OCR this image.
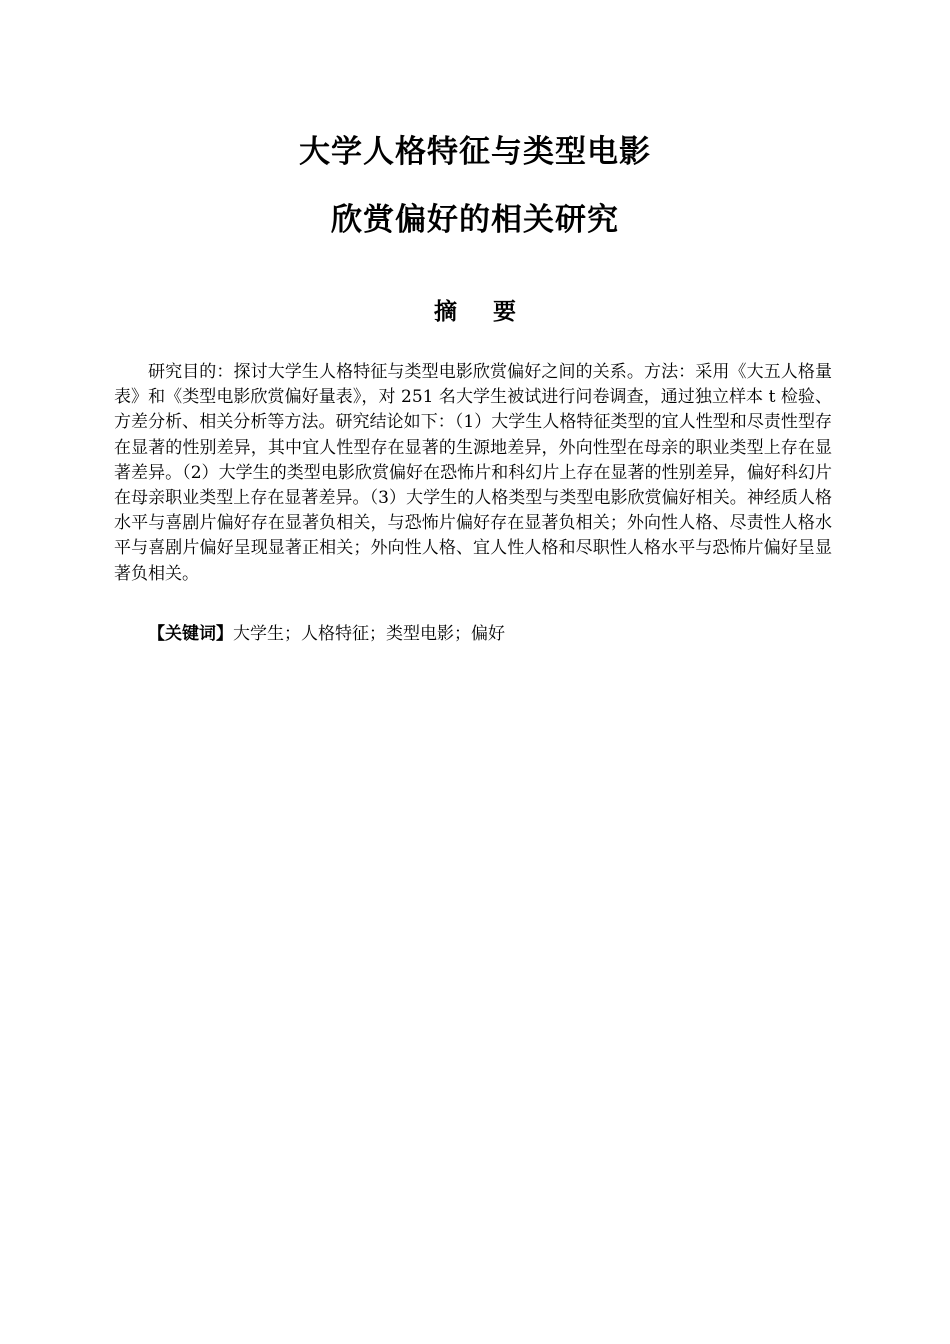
大学人格特征与类型电影
欣赏偏好的相关研究
摘要

研究目的：探讨大学生人格特征与类型电影欣赏偏好之间的关系。方法：采用《大五人格量表》和《类型电影欣赏偏好量表》，对 251 名大学生被试进行问卷调查，通过独立样本 t 检验、方差分析、相关分析等方法。研究结论如下：（1）大学生人格特征类型的宜人性型和尽责性型存在显著的性别差异，其中宜人性型存在显著的生源地差异，外向性型在母亲的职业类型上存在显著差异。（2）大学生的类型电影欣赏偏好在恐怖片和科幻片上存在显著的性别差异，偏好科幻片在母亲职业类型上存在显著差异。（3）大学生的人格类型与类型电影欣赏偏好相关。神经质人格水平与喜剧片偏好存在显著负相关，与恐怖片偏好存在显著负相关；外向性人格、尽责性人格水平与喜剧片偏好呈现显著正相关；外向性人格、宜人性人格和尽职性人格水平与恐怖片偏好呈显著负相关。

【关键词】大学生；人格特征；类型电影；偏好
